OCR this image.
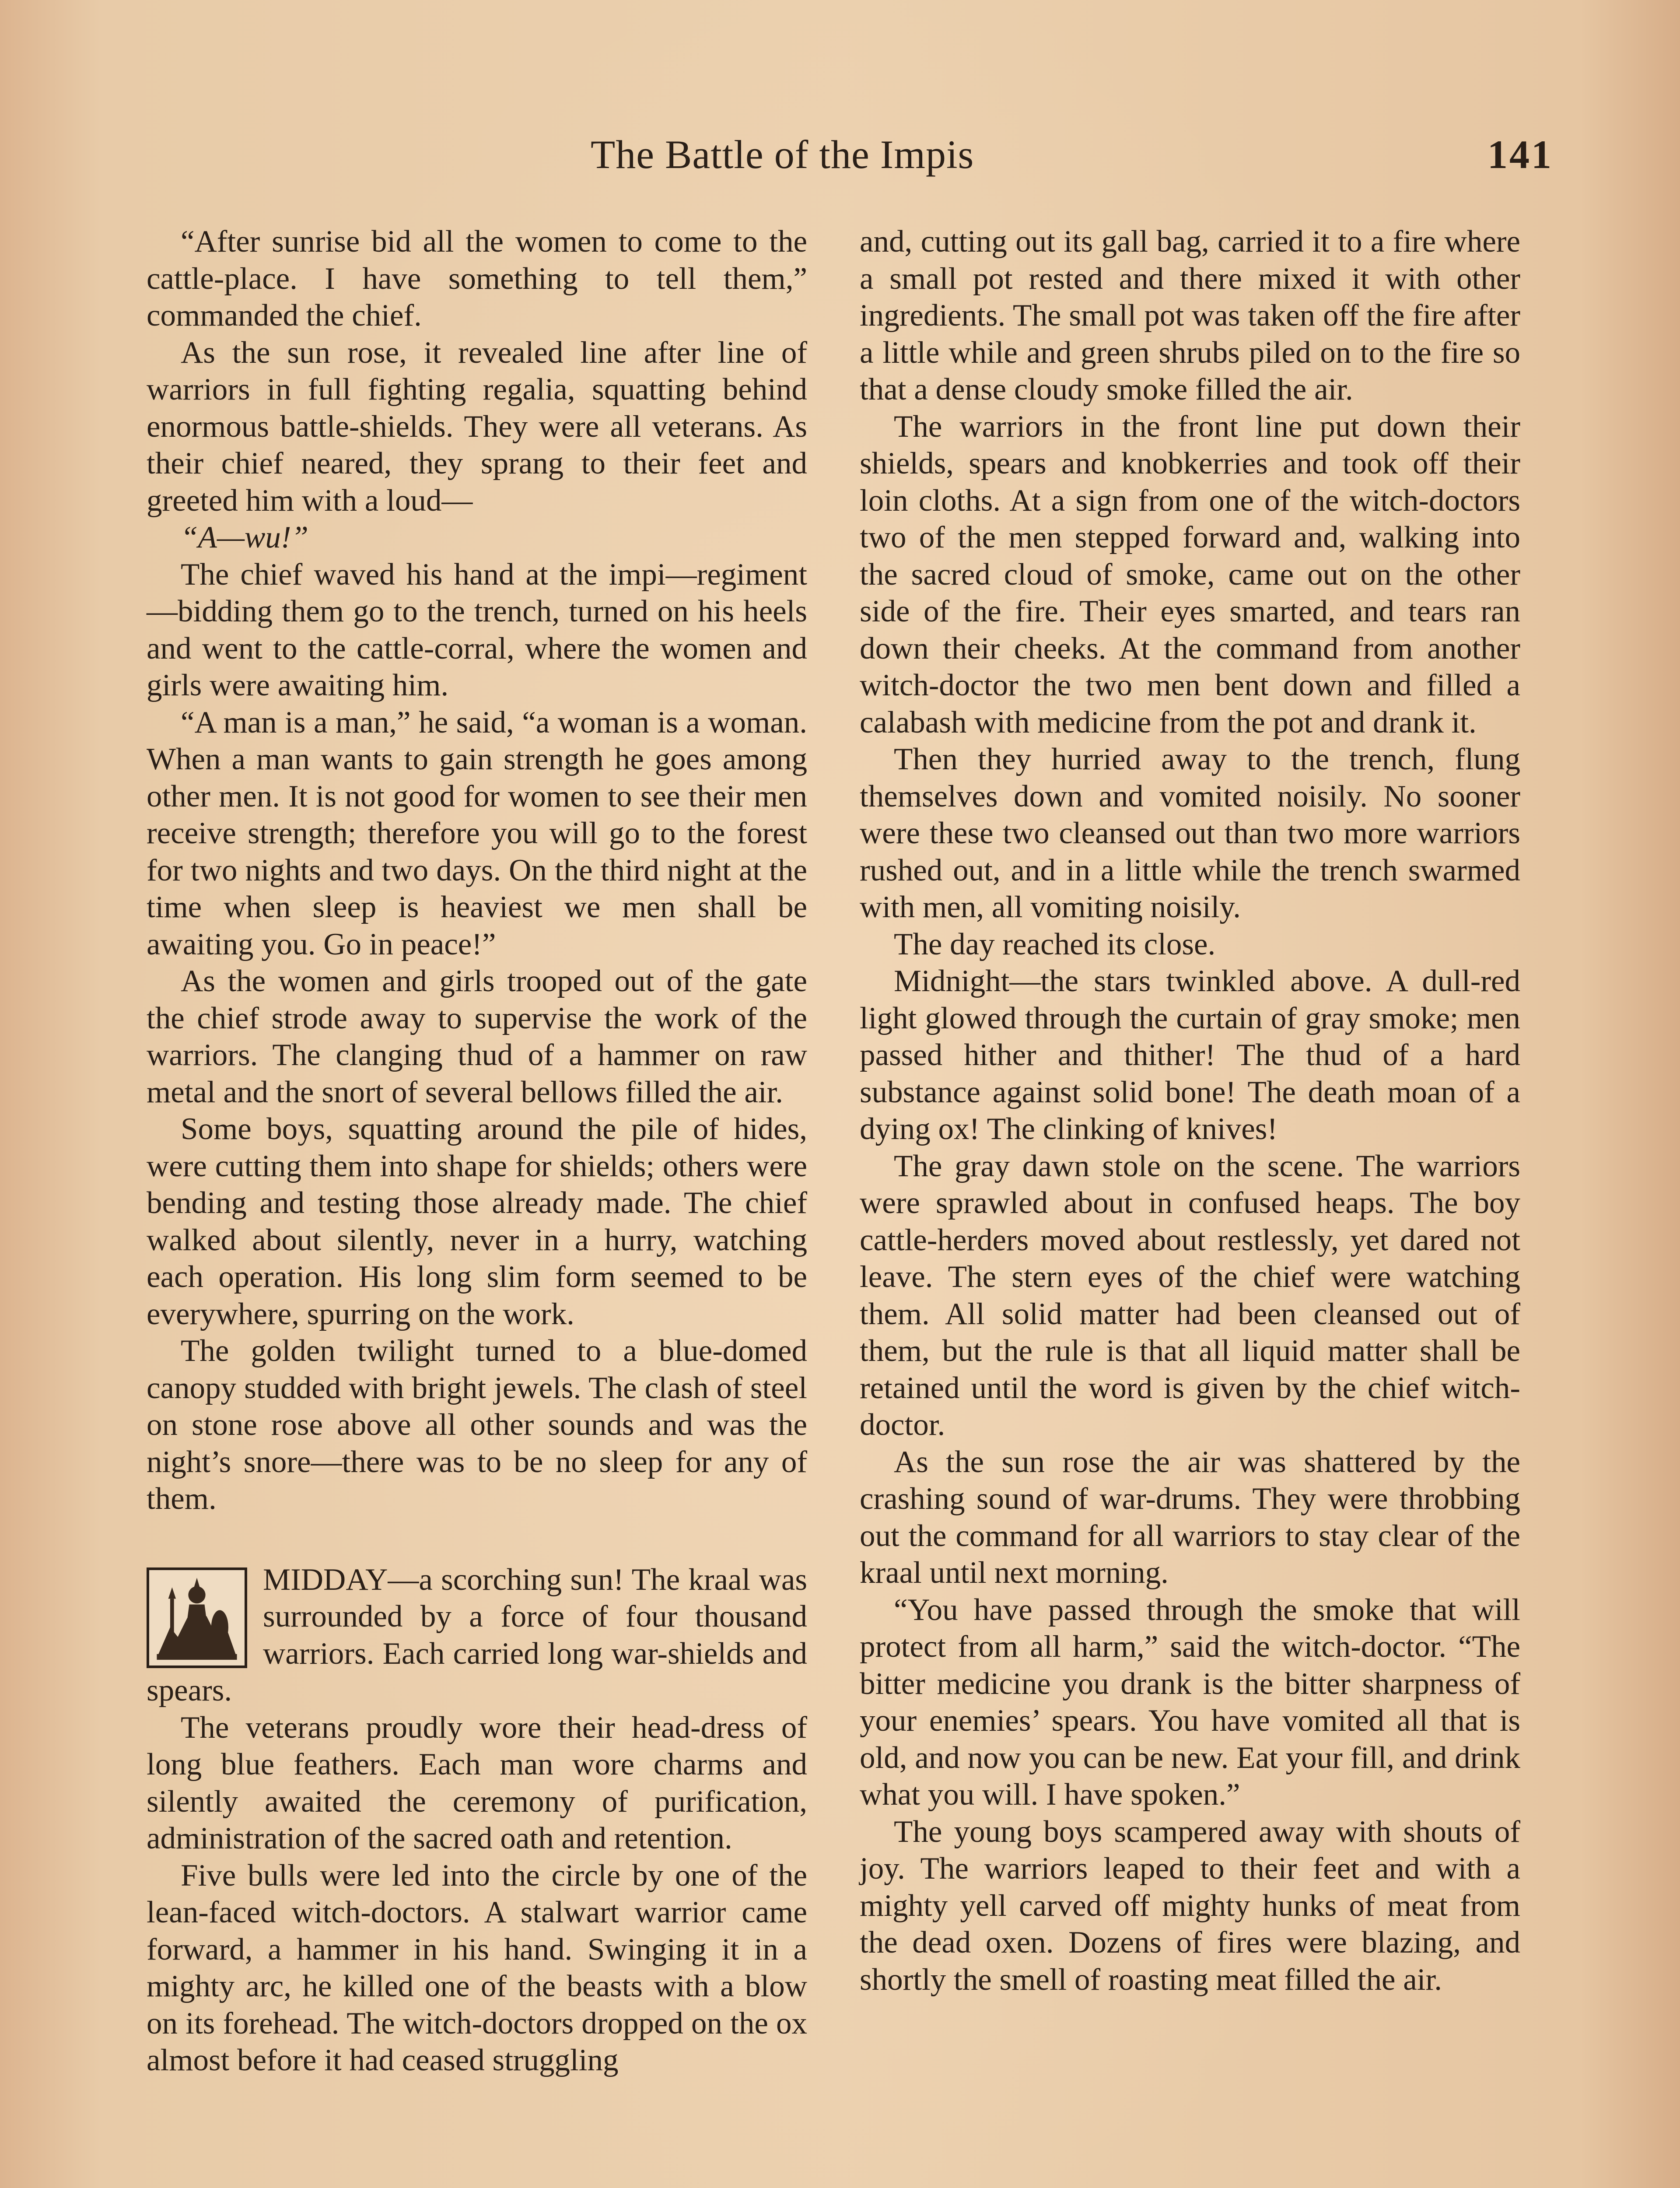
The Battle of the Impis	141

“After sunrise bid all the women to come to the cattle-place. I have something to tell them,” commanded the chief.

As the sun rose, it revealed line after line of warriors in full fighting regalia, squatting behind enormous battle-shields. They were all veterans. As their chief neared, they sprang to their feet and greeted him with a loud—

“A—wu!”

The chief waved his hand at the impi—regiment—bidding them go to the trench, turned on his heels and went to the cattle-corral, where the women and girls were awaiting him.

“A man is a man,” he said, “a woman is a woman. When a man wants to gain strength he goes among other men. It is not good for women to see their men receive strength; therefore you will go to the forest for two nights and two days. On the third night at the time when sleep is heaviest we men shall be awaiting you. Go in peace!”

As the women and girls trooped out of the gate the chief strode away to supervise the work of the warriors. The clanging thud of a hammer on raw metal and the snort of several bellows filled the air.

Some boys, squatting around the pile of hides, were cutting them into shape for shields; others were bending and testing those already made. The chief walked about silently, never in a hurry, watching each operation. His long slim form seemed to be everywhere, spurring on the work.

The golden twilight turned to a blue-domed canopy studded with bright jewels. The clash of steel on stone rose above all other sounds and was the night’s snore—there was to be no sleep for any of them.

MIDDAY—a scorching sun! The kraal was surrounded by a force of four thousand warriors. Each carried long war-shields and spears.

The veterans proudly wore their head-dress of long blue feathers. Each man wore charms and silently awaited the ceremony of purification, administration of the sacred oath and retention.

Five bulls were led into the circle by one of the lean-faced witch-doctors. A stalwart warrior came forward, a hammer in his hand. Swinging it in a mighty arc, he killed one of the beasts with a blow on its forehead. The witch-doctors dropped on the ox almost before it had ceased struggling

and, cutting out its gall bag, carried it to a fire where a small pot rested and there mixed it with other ingredients. The small pot was taken off the fire after a little while and green shrubs piled on to the fire so that a dense cloudy smoke filled the air.

The warriors in the front line put down their shields, spears and knobkerries and took off their loin cloths. At a sign from one of the witch-doctors two of the men stepped forward and, walking into the sacred cloud of smoke, came out on the other side of the fire. Their eyes smarted, and tears ran down their cheeks. At the command from another witch-doctor the two men bent down and filled a calabash with medicine from the pot and drank it.

Then they hurried away to the trench, flung themselves down and vomited noisily. No sooner were these two cleansed out than two more warriors rushed out, and in a little while the trench swarmed with men, all vomiting noisily.

The day reached its close.

Midnight—the stars twinkled above. A dull-red light glowed through the curtain of gray smoke; men passed hither and thither! The thud of a hard substance against solid bone! The death moan of a dying ox! The clinking of knives!

The gray dawn stole on the scene. The warriors were sprawled about in confused heaps. The boy cattle-herders moved about restlessly, yet dared not leave. The stern eyes of the chief were watching them. All solid matter had been cleansed out of them, but the rule is that all liquid matter shall be retained until the word is given by the chief witch-doctor.

As the sun rose the air was shattered by the crashing sound of war-drums. They were throbbing out the command for all warriors to stay clear of the kraal until next morning.

“You have passed through the smoke that will protect from all harm,” said the witch-doctor. “The bitter medicine you drank is the bitter sharpness of your enemies’ spears. You have vomited all that is old, and now you can be new. Eat your fill, and drink what you will. I have spoken.”

The young boys scampered away with shouts of joy. The warriors leaped to their feet and with a mighty yell carved off mighty hunks of meat from the dead oxen. Dozens of fires were blazing, and shortly the smell of roasting meat filled the air.
